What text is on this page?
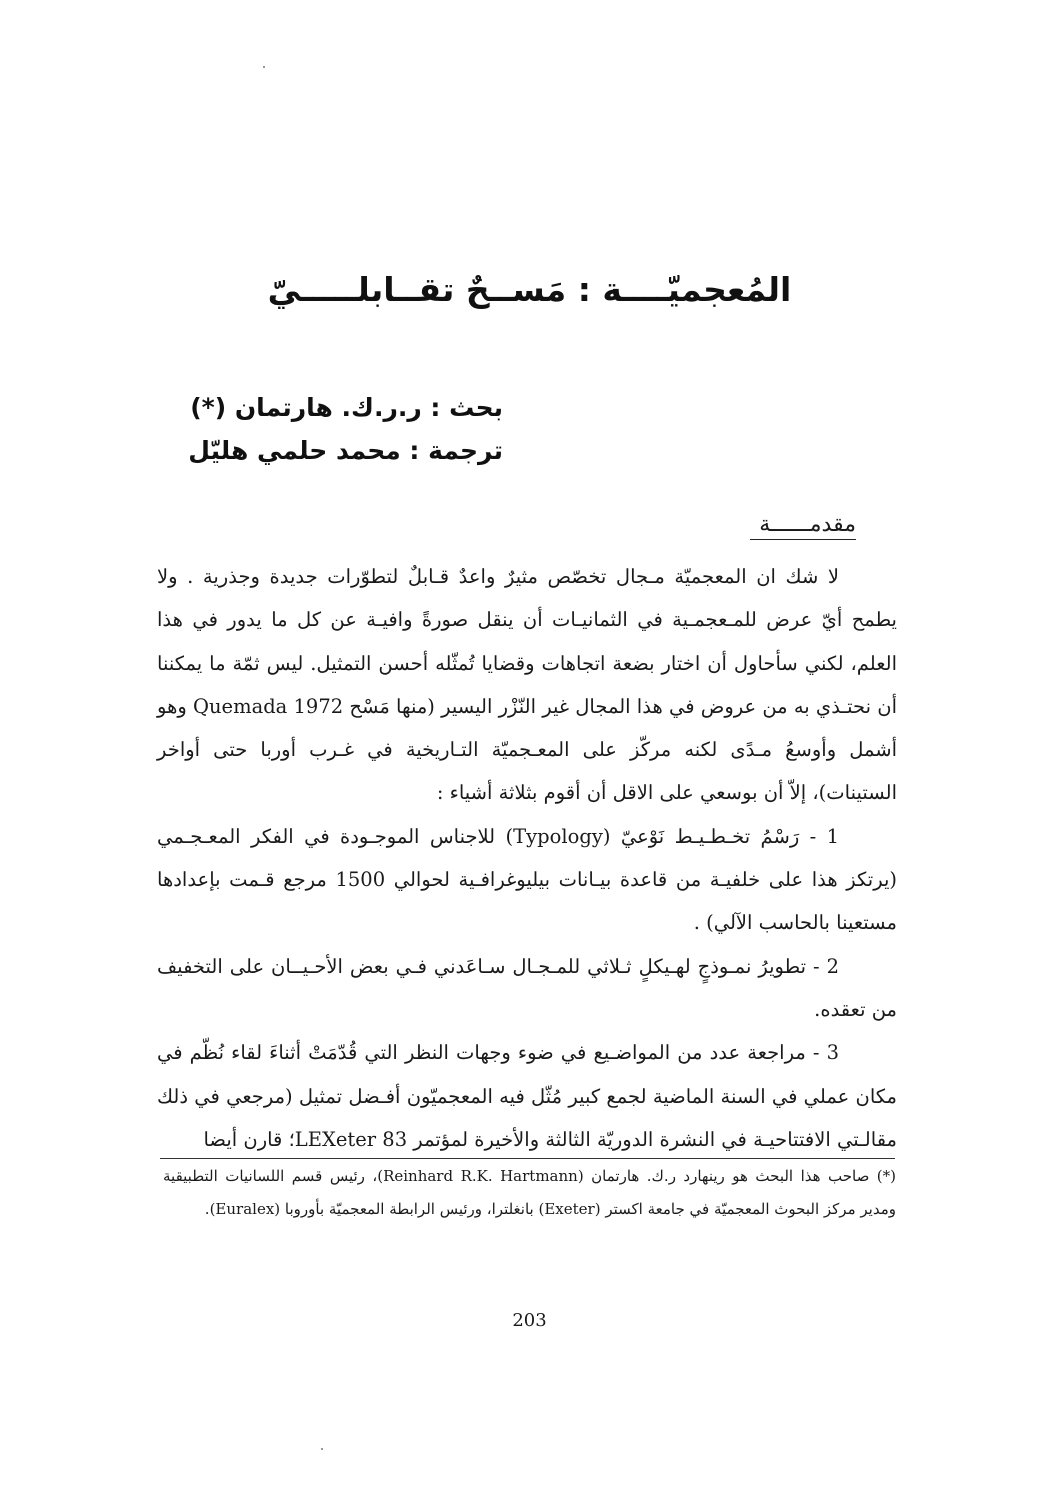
المُعجميّــــة : مَســحٌ تقــابلـــــيّ
بحث : ر.ر.ك. هارتمان (*)
ترجمة : محمد حلمي هليّل
مقدمــــــة

لا شك ان المعجميّة مـجال تخصّص مثيرٌ واعدٌ قـابلٌ لتطوّرات جديدة وجذرية . ولا يطمح أيّ عرض للمـعجمـية في الثمانيـات أن ينقل صورةً وافيـة عن كل ما يدور في هذا العلم، لكني سأحاول أن اختار بضعة اتجاهات وقضايا تُمثّله أحسن التمثيل. ليس ثمّة ما يمكننا أن نحتـذي به من عروض في هذا المجال غير النّزْر اليسير (منها مَسْح Quemada 1972 وهو أشمل وأوسعُ مـدًى لكنه مركّز على المعـجميّة التـاريخية في غـرب أوربا حتى أواخر الستينات)، إلاّ أن بوسعي على الاقل أن أقوم بثلاثة أشياء :

1 - رَسْمُ تخـطـيـط نَوْعيّ (Typology) للاجناس الموجـودة في الفكر المعـجـمي (يرتكز هذا على خلفيـة من قاعدة بيـانات بيليوغرافـية لحوالي 1500 مرجع قـمت بإعدادها مستعينا بالحاسب الآلي) .

2 - تطويرُ نمـوذجٍ لهـيكلٍ ثـلاثي للمـجـال سـاعَدني فـي بعض الأحـيــان على التخفيف من تعقده.

3 - مراجعة عدد من المواضـيع في ضوء وجهات النظر التي قُدّمَتْ أثناءَ لقاء نُظّم في مكان عملي في السنة الماضية لجمع كبير مُثّل فيه المعجميّون أفـضل تمثيل (مرجعي في ذلك مقالـتي الافتتاحيـة في النشرة الدوريّة الثالثة والأخيرة لمؤتمر LEXeter 83؛ قارن أيضا

(*) صاحب هذا البحث هو رينهارد ر.ك. هارتمان (Reinhard R.K. Hartmann)، رئيس قسم اللسانيات التطبيقية ومدير مركز البحوث المعجميّة في جامعة اكستر (Exeter) بانغلترا، ورئيس الرابطة المعجميّة بأوروبا (Euralex).

203
